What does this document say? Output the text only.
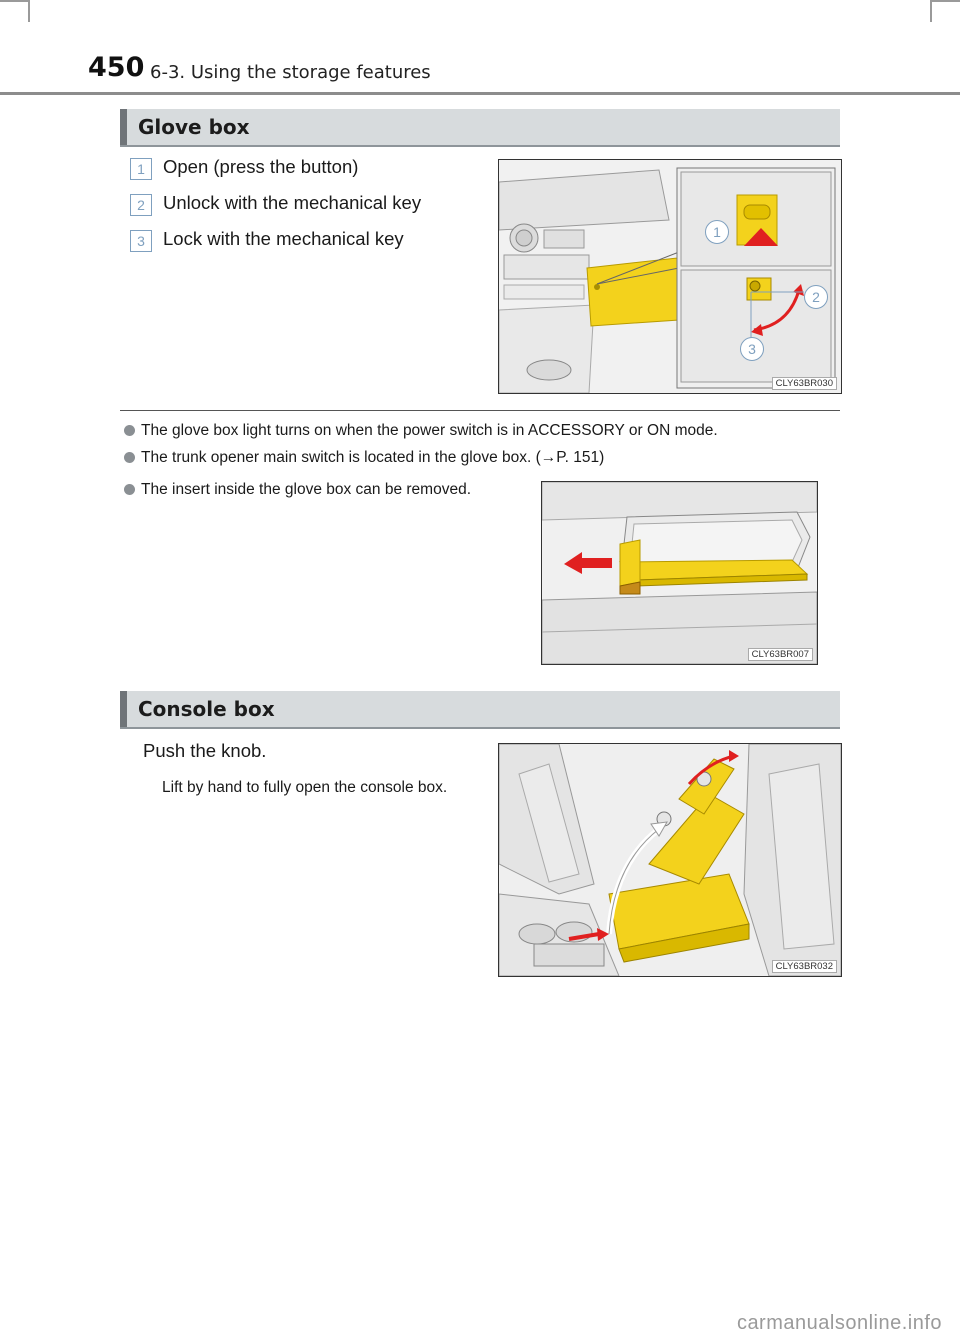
450 6-3. Using the storage features
Glove box
1 Open (press the button)
2 Unlock with the mechanical key
3 Lock with the mechanical key	1
2
3
CLY63BR030
The glove box light turns on when the power switch is in ACCESSORY or ON mode.
The trunk opener main switch is located in the glove box. (→P. 151)
The insert inside the glove box can be removed.
CLY63BR007
Console box
Push the knob.
Lift by hand to fully open the console box.
CLY63BR032
carmanualsonline.info
